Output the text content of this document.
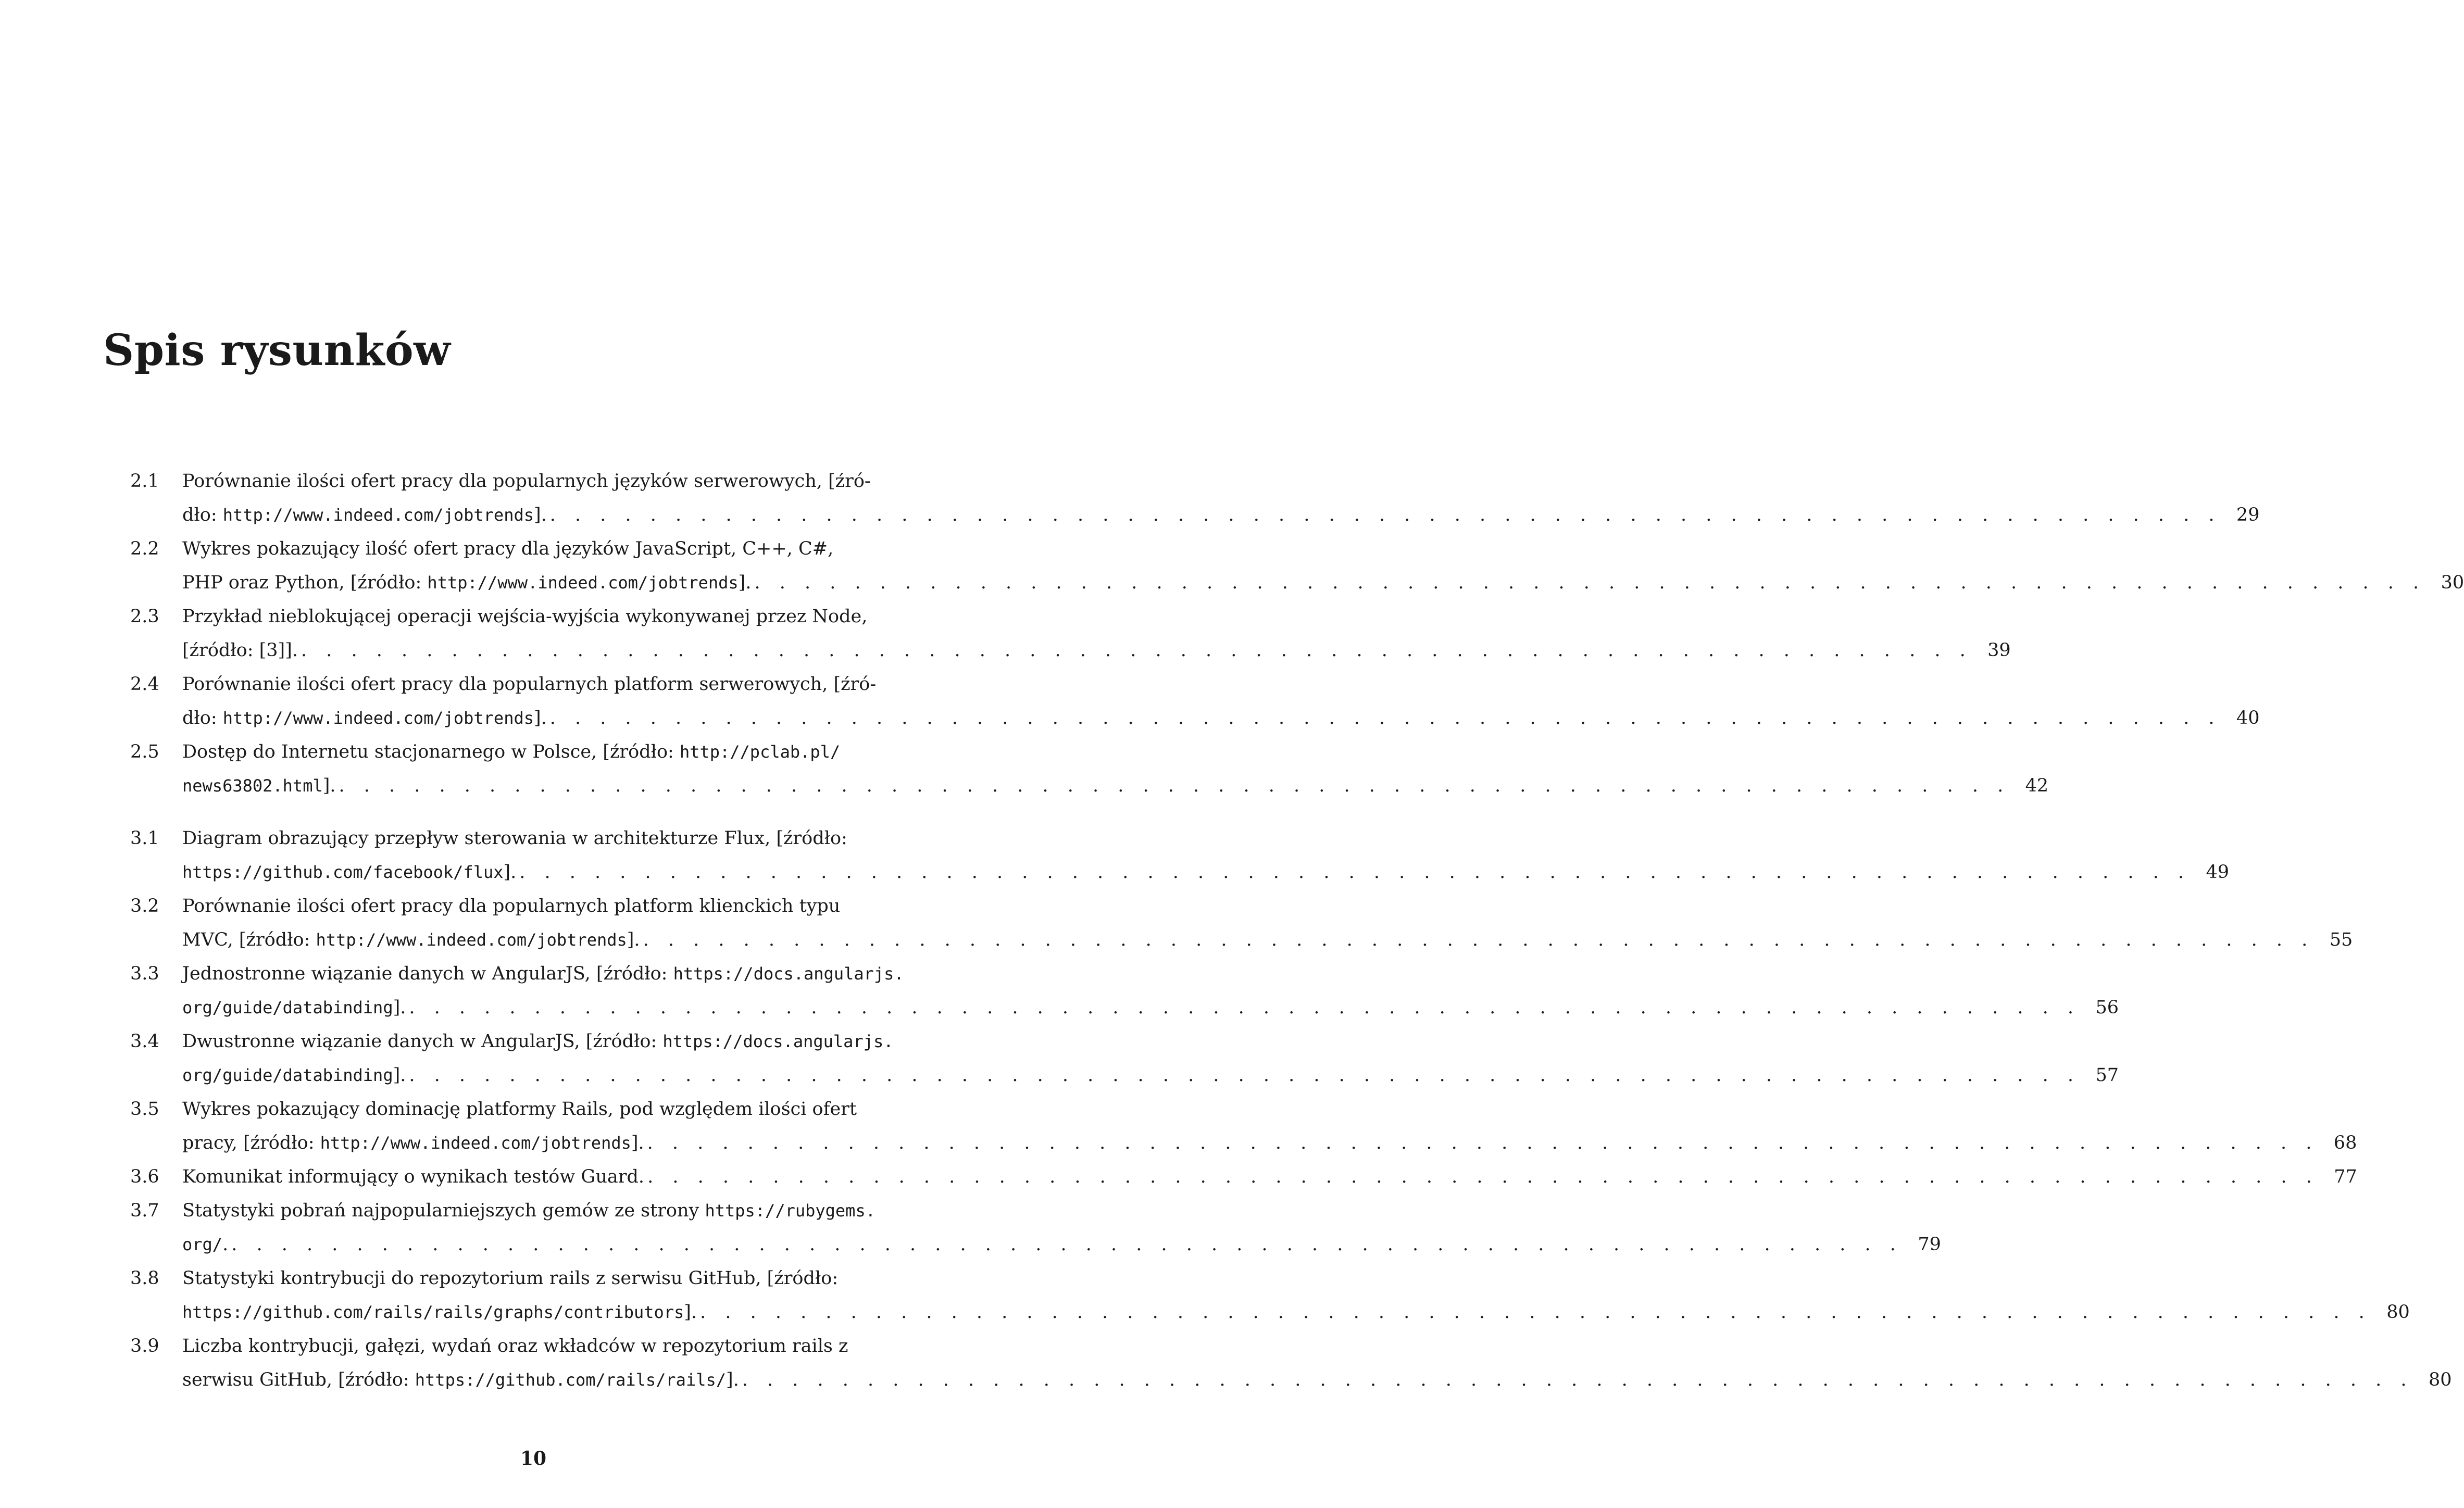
Spis rysunków
2.1	Porównanie ilości ofert pracy dla popularnych języków serwerowych, [źró-
dło: http://www.indeed.com/jobtrends]. . . . . . . . . . . . . . . . . . . . . . . . . . . . . . . . . . . . . . . . . . . . . . . . . . . . . . . . . . . . . . . . . . . . 29
2.2	Wykres pokazujący ilość ofert pracy dla języków JavaScript, C++, C#,
PHP oraz Python, [źródło: http://www.indeed.com/jobtrends]. . . . . . . . . . . . . . . . . . . . . . . . . . . . . . . . . . . . . . . . . . . . . . . . . . . . . . . . . . . . . . . . . . . . 30
2.3	Przykład nieblokującej operacji wejścia-wyjścia wykonywanej przez Node,
[źródło: [3]]. . . . . . . . . . . . . . . . . . . . . . . . . . . . . . . . . . . . . . . . . . . . . . . . . . . . . . . . . . . . . . . . . . . . 39
2.4	Porównanie ilości ofert pracy dla popularnych platform serwerowych, [źró-
dło: http://www.indeed.com/jobtrends]. . . . . . . . . . . . . . . . . . . . . . . . . . . . . . . . . . . . . . . . . . . . . . . . . . . . . . . . . . . . . . . . . . . . 40
2.5	Dostęp do Internetu stacjonarnego w Polsce, [źródło: http://pclab.pl/
news63802.html]. . . . . . . . . . . . . . . . . . . . . . . . . . . . . . . . . . . . . . . . . . . . . . . . . . . . . . . . . . . . . . . . . . . . 42
3.1	Diagram obrazujący przepływ sterowania w architekturze Flux, [źródło:
https://github.com/facebook/flux]. . . . . . . . . . . . . . . . . . . . . . . . . . . . . . . . . . . . . . . . . . . . . . . . . . . . . . . . . . . . . . . . . . . . 49
3.2	Porównanie ilości ofert pracy dla popularnych platform klienckich typu
MVC, [źródło: http://www.indeed.com/jobtrends]. . . . . . . . . . . . . . . . . . . . . . . . . . . . . . . . . . . . . . . . . . . . . . . . . . . . . . . . . . . . . . . . . . . . 55
3.3	Jednostronne wiązanie danych w AngularJS, [źródło: https://docs.angularjs.
org/guide/databinding]. . . . . . . . . . . . . . . . . . . . . . . . . . . . . . . . . . . . . . . . . . . . . . . . . . . . . . . . . . . . . . . . . . . . 56
3.4	Dwustronne wiązanie danych w AngularJS, [źródło: https://docs.angularjs.
org/guide/databinding]. . . . . . . . . . . . . . . . . . . . . . . . . . . . . . . . . . . . . . . . . . . . . . . . . . . . . . . . . . . . . . . . . . . . 57
3.5	Wykres pokazujący dominację platformy Rails, pod względem ilości ofert
pracy, [źródło: http://www.indeed.com/jobtrends]. . . . . . . . . . . . . . . . . . . . . . . . . . . . . . . . . . . . . . . . . . . . . . . . . . . . . . . . . . . . . . . . . . . . 68
3.6	Komunikat informujący o wynikach testów Guard. . . . . . . . . . . . . . . . . . . . . . . . . . . . . . . . . . . . . . . . . . . . . . . . . . . . . . . . . . . . . . . . . . . . 77
3.7	Statystyki pobrań najpopularniejszych gemów ze strony https://rubygems.
org/. . . . . . . . . . . . . . . . . . . . . . . . . . . . . . . . . . . . . . . . . . . . . . . . . . . . . . . . . . . . . . . . . . . . 79
3.8	Statystyki kontrybucji do repozytorium rails z serwisu GitHub, [źródło:
https://github.com/rails/rails/graphs/contributors]. . . . . . . . . . . . . . . . . . . . . . . . . . . . . . . . . . . . . . . . . . . . . . . . . . . . . . . . . . . . . . . . . . . . 80
3.9	Liczba kontrybucji, gałęzi, wydań oraz wkładców w repozytorium rails z
serwisu GitHub, [źródło: https://github.com/rails/rails/]. . . . . . . . . . . . . . . . . . . . . . . . . . . . . . . . . . . . . . . . . . . . . . . . . . . . . . . . . . . . . . . . . . . . 80
10
